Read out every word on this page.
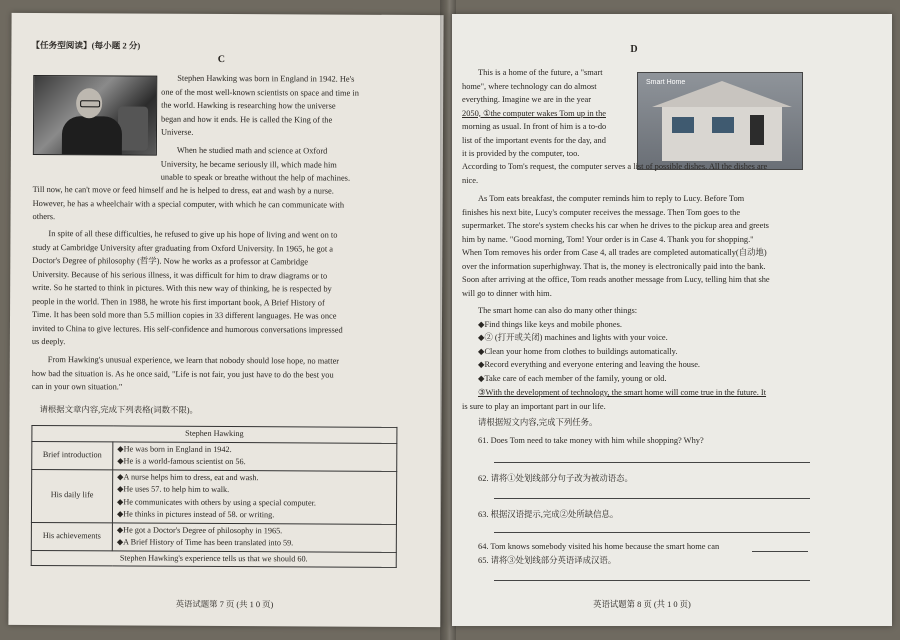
【任务型阅读】(每小题 2 分)
C
Stephen Hawking was born in England in 1942. He's
one of the most well-known scientists on space and time in
the world. Hawking is researching how the universe
began and how it ends. He is called the King of the
Universe.
When he studied math and science at Oxford
University, he became seriously ill, which made him
unable to speak or breathe without the help of machines.
Till now, he can't move or feed himself and he is helped to dress, eat and wash by a nurse.
However, he has a wheelchair with a special computer, with which he can communicate with
others.
In spite of all these difficulties, he refused to give up his hope of living and went on to
study at Cambridge University after graduating from Oxford University. In 1965, he got a
Doctor's Degree of philosophy (哲学). Now he works as a professor at Cambridge
University. Because of his serious illness, it was difficult for him to draw diagrams or to
write. So he started to think in pictures. With this new way of thinking, he is respected by
people in the world. Then in 1988, he wrote his first important book, A Brief History of
Time. It has been sold more than 5.5 million copies in 33 different languages. He was once
invited to China to give lectures. His self-confidence and humorous conversations impressed
us deeply.
From Hawking's unusual experience, we learn that nobody should lose hope, no matter
how bad the situation is. As he once said, "Life is not fair, you just have to do the best you
can in your own situation."
请根据文章内容,完成下列表格(词数不限)。
Stephen Hawking	
Brief introduction	◆He was born in England in 1942.
◆He is a world-famous scientist on 56.

His daily life	◆A nurse helps him to dress, eat and wash.
◆He uses 57. to help him to walk.
◆He communicates with others by using a special computer.
◆He thinks in pictures instead of 58. or writing.

His achievements	◆He got a Doctor's Degree of philosophy in 1965.
◆A Brief History of Time has been translated into 59.

Stephen Hawking's experience tells us that we should 60.	
英语试题第 7 页 (共 1 0 页)
D
Smart Home
This is a home of the future, a "smart
home", where technology can do almost
everything. Imagine we are in the year
2050, ①the computer wakes Tom up in the
morning as usual. In front of him is a to-do
list of the important events for the day, and
it is provided by the computer, too.
According to Tom's request, the computer serves a list of possible dishes. All the dishes are
nice.
As Tom eats breakfast, the computer reminds him to reply to Lucy. Before Tom
finishes his next bite, Lucy's computer receives the message. Then Tom goes to the
supermarket. The store's system checks his car when he drives to the pickup area and greets
him by name. "Good morning, Tom! Your order is in Case 4. Thank you for shopping."
When Tom removes his order from Case 4, all trades are completed automatically(自动地)
over the information superhighway. That is, the money is electronically paid into the bank.
Soon after arriving at the office, Tom reads another message from Lucy, telling him that she
will go to dinner with him.
The smart home can also do many other things:
◆Find things like keys and mobile phones.
◆② (打开或关闭) machines and lights with your voice.
◆Clean your home from clothes to buildings automatically.
◆Record everything and everyone entering and leaving the house.
◆Take care of each member of the family, young or old.
③With the development of technology, the smart home will come true in the future. It
is sure to play an important part in our life.
请根据短文内容,完成下列任务。
61. Does Tom need to take money with him while shopping? Why?
62. 请将①处划线部分句子改为被动语态。
63. 根据汉语提示,完成②处所缺信息。
64. Tom knows somebody visited his home because the smart home can
65. 请将③处划线部分英语译成汉语。
英语试题第 8 页 (共 1 0 页)
